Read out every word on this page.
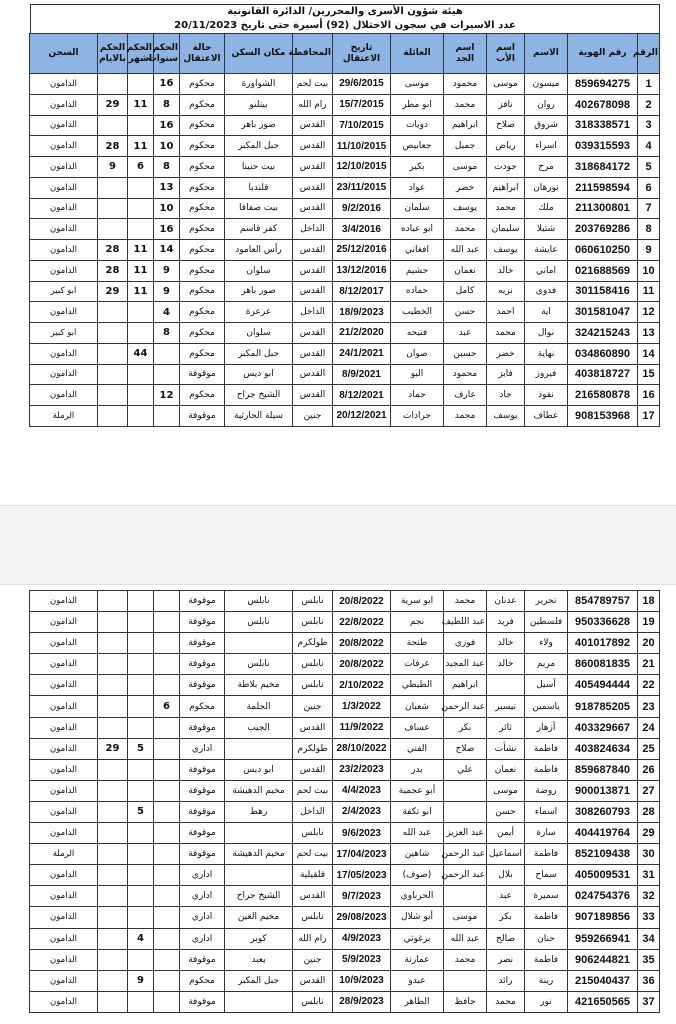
هيئة شؤون الأسرى والمحررين/ الدائرة القانونية
عدد الاسيرات في سجون الاحتلال (92) أسيرة حتى تاريخ 20/11/2023
الرقم	رقم الهوية	الاسم	اسم الأب	اسم الجد	العائلة	تاريخ الاعتقال	المحافظة	مكان السكن	حالة الاعتقال	الحكم سنوات	الحكم اشهر	الحكم بالايام	السجن
1	859694275	ميسون	موسى	محمود	موسى	29/6/2015	بيت لحم	الشواورة	محكوم	16			الدامون
2	402678098	روان	نافز	محمد	ابو مطر	15/7/2015	رام الله	بيتلنو	محكوم	8	11	29	الدامون
3	318338571	شروق	صلاح	ابراهيم	دويات	7/10/2015	القدس	صور باهر	محكوم	16			الدامون
4	039315593	اسراء	رياض	جميل	جعابيص	11/10/2015	القدس	جبل المكبر	محكوم	10	11	28	الدامون
5	318684172	مرح	جودت	موسى	بكير	12/10/2015	القدس	بيت حنينا	محكوم	8	6	9	الدامون
6	211598594	نورهان	ابراهيم	خضر	عواد	23/11/2015	القدس	قلنديا	محكوم	13			الدامون
7	211300801	ملك	محمد	يوسف	سلمان	9/2/2016	القدس	بيت صفافا	محكوم	10			الدامون
8	203769286	شتيلا	سليمان	محمد	ابو عياده	3/4/2016	الداخل	كفر قاسم	محكوم	16			الدامون
9	060610250	عايشة	يوسف	عبد الله	افغاني	25/12/2016	القدس	رأس العامود	محكوم	14	11	28	الدامون
10	021688569	اماني	خالد	نعمان	حشيم	13/12/2016	القدس	سلوان	محكوم	9	11	28	الدامون
11	301158416	فدوى	نزيه	كامل	حماده	8/12/2017	القدس	صور باهر	محكوم	9	11	29	ابو كبير
12	301581047	اية	احمد	حسن	الخطيب	18/9/2023	الداخل	عرعرة	محكوم	4			الدامون
13	324215243	نوال	محمد	عبد	فتيحه	21/2/2020	القدس	سلوان	محكوم	8			ابو كبير
14	034860890	نهاية	خضر	حسين	صوان	24/1/2021	القدس	جبل المكبر	محكوم		44		الدامون
15	403818727	فيروز	فايز	محمود	البو	8/9/2021	القدس	ابو ديس	موقوفة				الدامون
16	216580878	نفوذ	جاد	عارف	حماد	8/12/2021	القدس	الشيخ جراح	محكوم	12			الدامون
17	908153968	عطاف	يوسف	محمد	جرادات	20/12/2021	جنين	سيلة الحارثية	موقوفة				الرملة
18	854789757	تحرير	عدنان	محمد	ابو سرية	20/8/2022	نابلس	نابلس	موقوفة				الدامون
19	950336628	فلسطين	فريد	عبد اللطيف	نجم	22/8/2022	نابلس	نابلس	موقوفة				الدامون
20	401017892	ولاء	خالد	فوزي	طنجة	20/8/2022	طولكرم		موقوفة				الدامون
21	860081835	مريم	خالد	عبد المجيد	عرفات	20/8/2022	نابلس	نابلس	موقوفة				الدامون
22	405494444	أسيل		ابراهيم	الطيطي	2/10/2022	نابلس	مخيم بلاطة	موقوفة				الدامون
23	918785205	ياسمين	تيسير	عبد الرحمن	شعبان	1/3/2022	جنين	الجلمة	محكوم	6			الدامون
24	403329667	أزهار	ثائر	بكر	عساف	11/9/2022	القدس	الجيب	موقوفة				الدامون
25	403824634	فاطمة	نشأت	صلاح	الفني	28/10/2022	طولكرم		اداري		5	29	الدامون
26	859687840	فاطمة	نعمان	علي	بدر	23/2/2023	القدس	ابو ديس	موقوفة				الدامون
27	900013871	روضة	موسى		أبو عجمية	4/4/2023	بيت لحم	مخيم الدهيشة	موقوفة				الدامون
28	308260793	اسماء	حسن		ابو تكفة	2/4/2023	الداخل	رهط	موقوفة		5		الدامون
29	404419764	سارة	أيمن	عبد العزيز	عبد الله	9/6/2023	نابلس		موقوفة				الدامون
30	852109438	فاطمة	اسماعيل	عبد الرحمن	شاهين	17/04/2023	بيت لحم	مخيم الدهيشة	موقوفة				الرملة
31	405009531	سماح	بلال	عبد الرحمن	(صوف)	17/05/2023	قلقيلية		اداري				الدامون
32	024754376	سميرة	عبد		الحرباوي	9/7/2023	القدس	الشيخ جراح	اداري				الدامون
33	907189856	فاطمة	بكر	موسى	أبو شلال	29/08/2023	نابلس	مخيم العين	اداري				الدامون
34	959266941	حنان	صالح	عبد الله	برغوثي	4/9/2023	رام الله	كوبر	اداري		4		الدامون
35	906244821	فاطمة	نصر	محمد	عمارنة	5/9/2023	جنين	يعبد	موقوفة				الدامون
36	215040437	زينة	رائد		عبدو	10/9/2023	القدس	جبل المكبر	محكوم		9		الدامون
37	421650565	نور	محمد	حافظ	الطاهر	28/9/2023	نابلس		موقوفة				الدامون
